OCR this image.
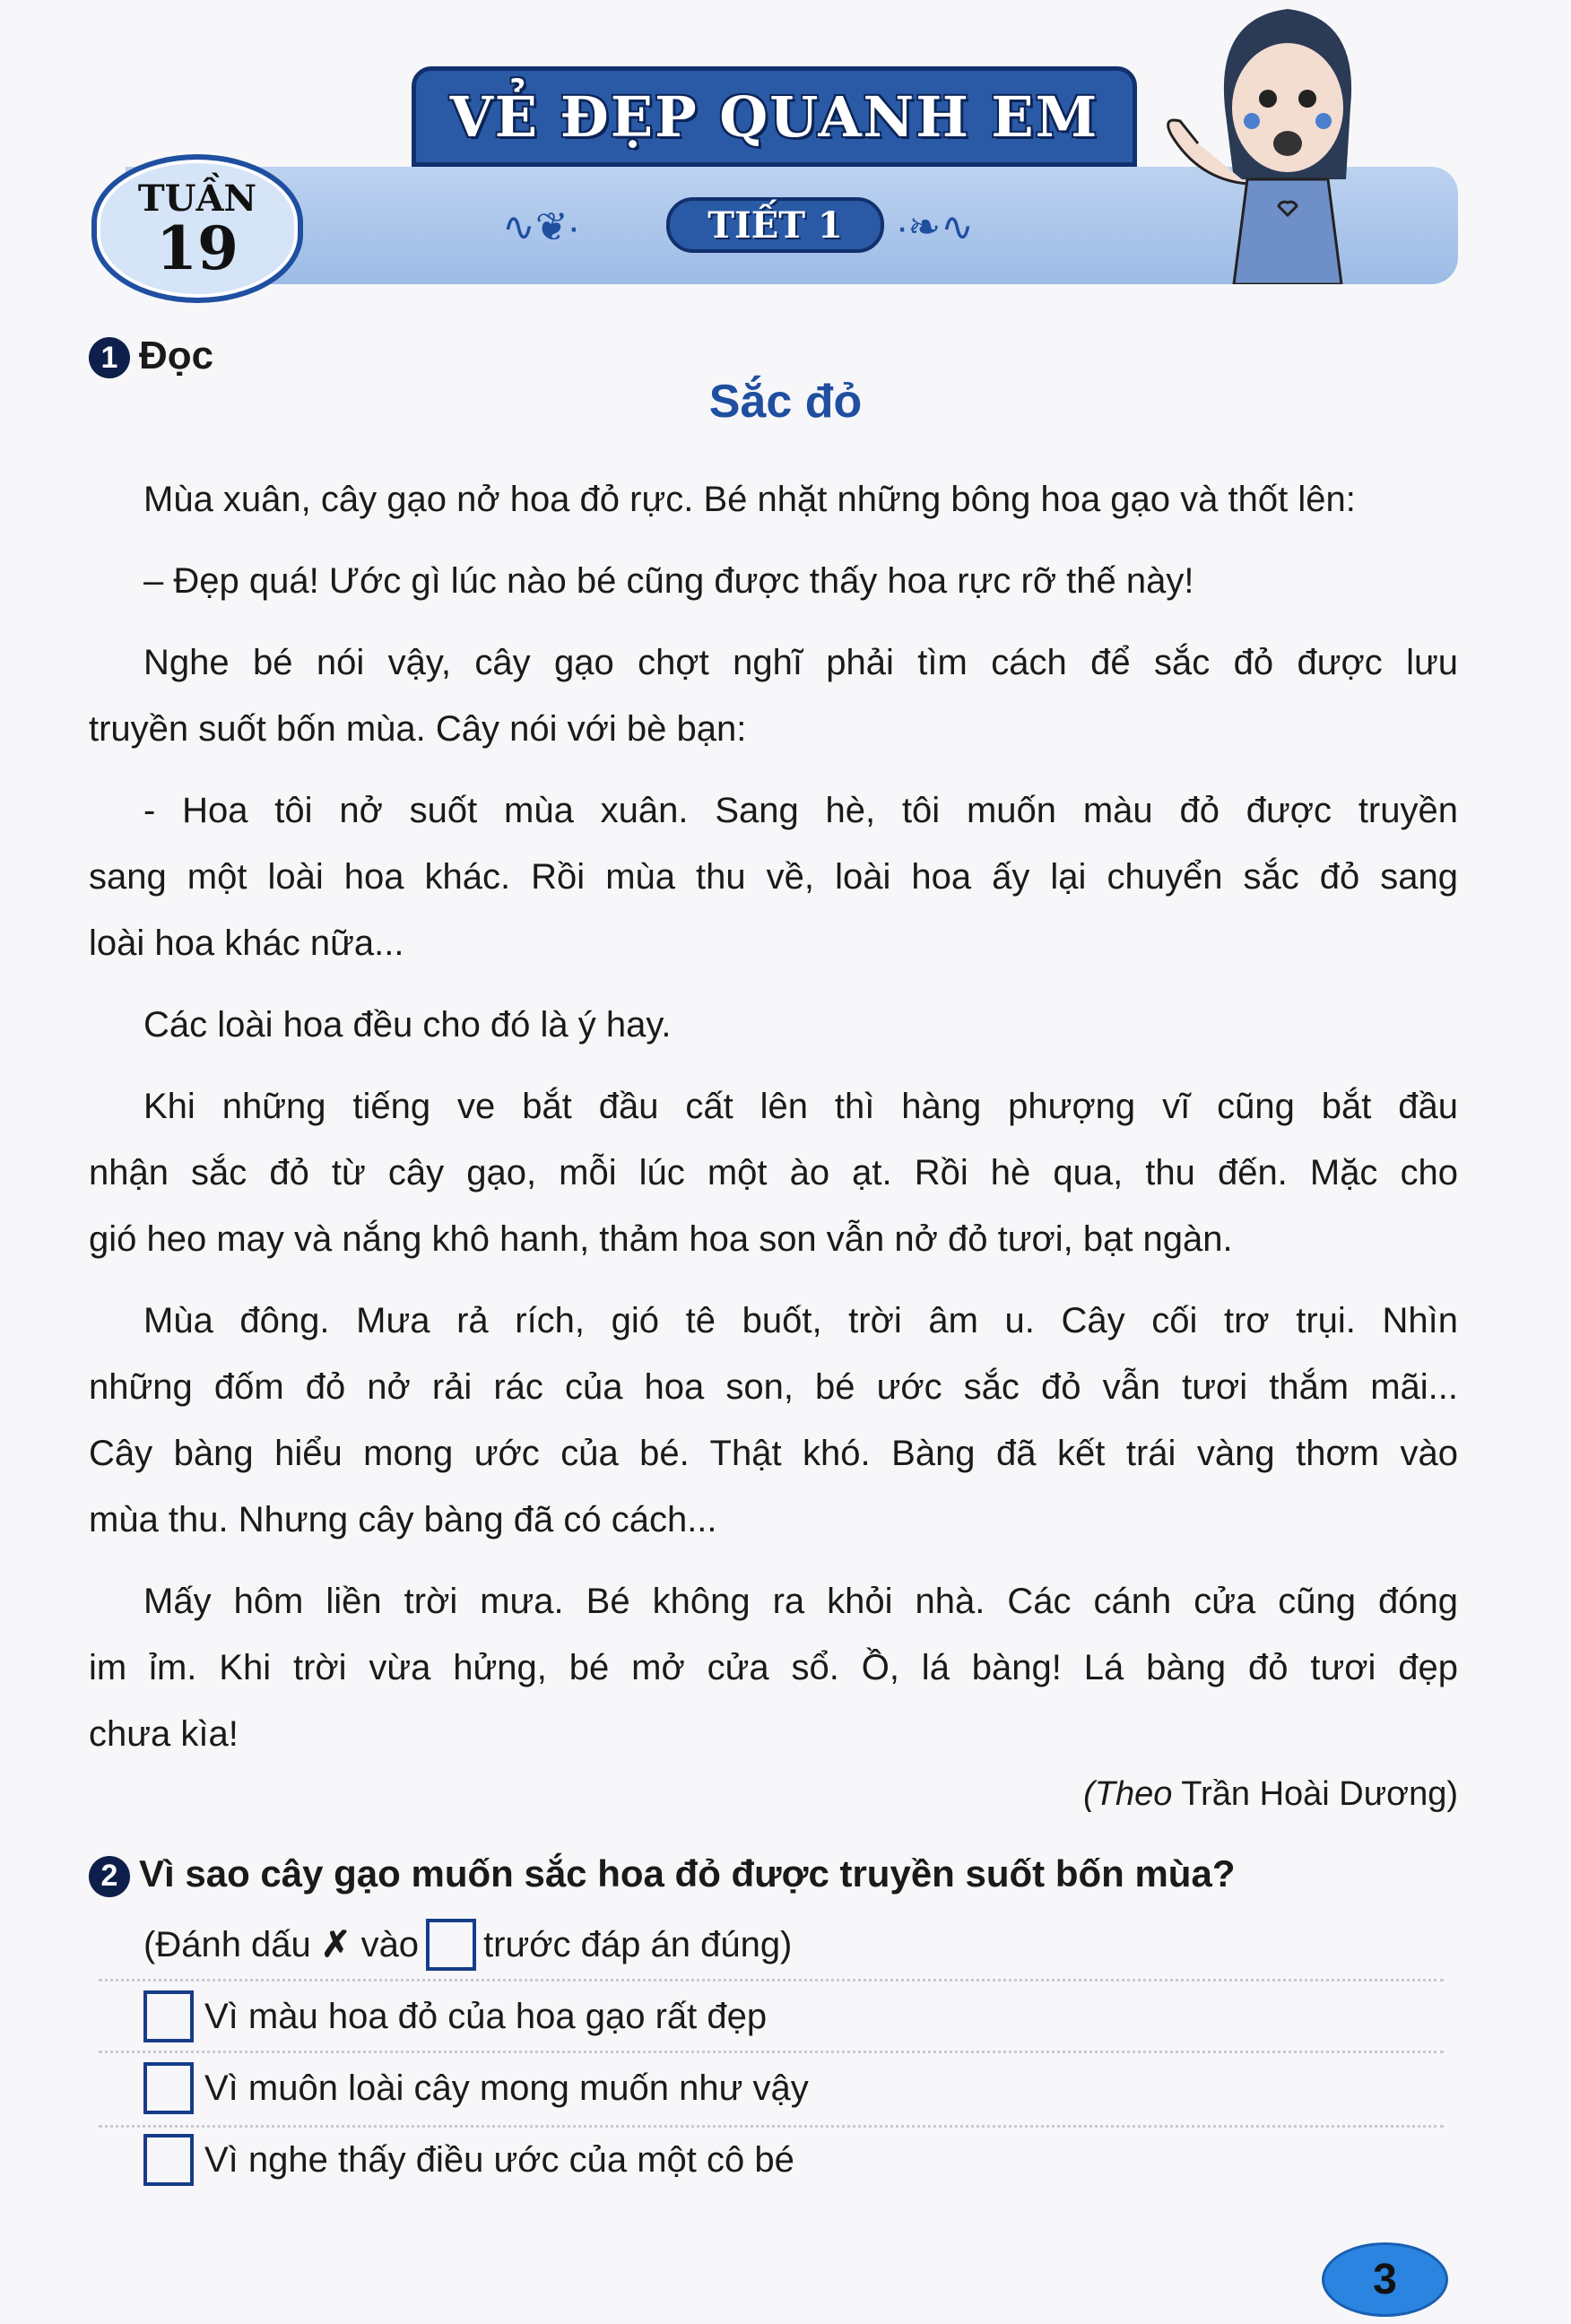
VẺ ĐẸP QUANH EM
TUẦN
19	∿❦∙	TIẾT 1 ∙❧∿
1 Đọc
Sắc đỏ
Mùa xuân, cây gạo nở hoa đỏ rực. Bé nhặt những bông hoa gạo và thốt lên:
– Đẹp quá! Ước gì lúc nào bé cũng được thấy hoa rực rỡ thế này!
Nghe bé nói vậy, cây gạo chợt nghĩ phải tìm cách để sắc đỏ được lưu
truyền suốt bốn mùa. Cây nói với bè bạn:
- Hoa tôi nở suốt mùa xuân. Sang hè, tôi muốn màu đỏ được truyền
sang một loài hoa khác. Rồi mùa thu về, loài hoa ấy lại chuyển sắc đỏ sang
loài hoa khác nữa...
Các loài hoa đều cho đó là ý hay.
Khi những tiếng ve bắt đầu cất lên thì hàng phượng vĩ cũng bắt đầu
nhận sắc đỏ từ cây gạo, mỗi lúc một ào ạt. Rồi hè qua, thu đến. Mặc cho
gió heo may và nắng khô hanh, thảm hoa son vẫn nở đỏ tươi, bạt ngàn.
Mùa đông. Mưa rả rích, gió tê buốt, trời âm u. Cây cối trơ trụi. Nhìn
những đốm đỏ nở rải rác của hoa son, bé ước sắc đỏ vẫn tươi thắm mãi...
Cây bàng hiểu mong ước của bé. Thật khó. Bàng đã kết trái vàng thơm vào
mùa thu. Nhưng cây bàng đã có cách...
Mấy hôm liền trời mưa. Bé không ra khỏi nhà. Các cánh cửa cũng đóng
im ỉm. Khi trời vừa hửng, bé mở cửa sổ. Ồ, lá bàng! Lá bàng đỏ tươi đẹp
chưa kìa!
(Theo Trần Hoài Dương)
2 Vì sao cây gạo muốn sắc hoa đỏ được truyền suốt bốn mùa?
(Đánh dấu
✗
vào trước đáp án đúng)
Vì màu hoa đỏ của hoa gạo rất đẹp
Vì muôn loài cây mong muốn như vậy
Vì nghe thấy điều ước của một cô bé
3
